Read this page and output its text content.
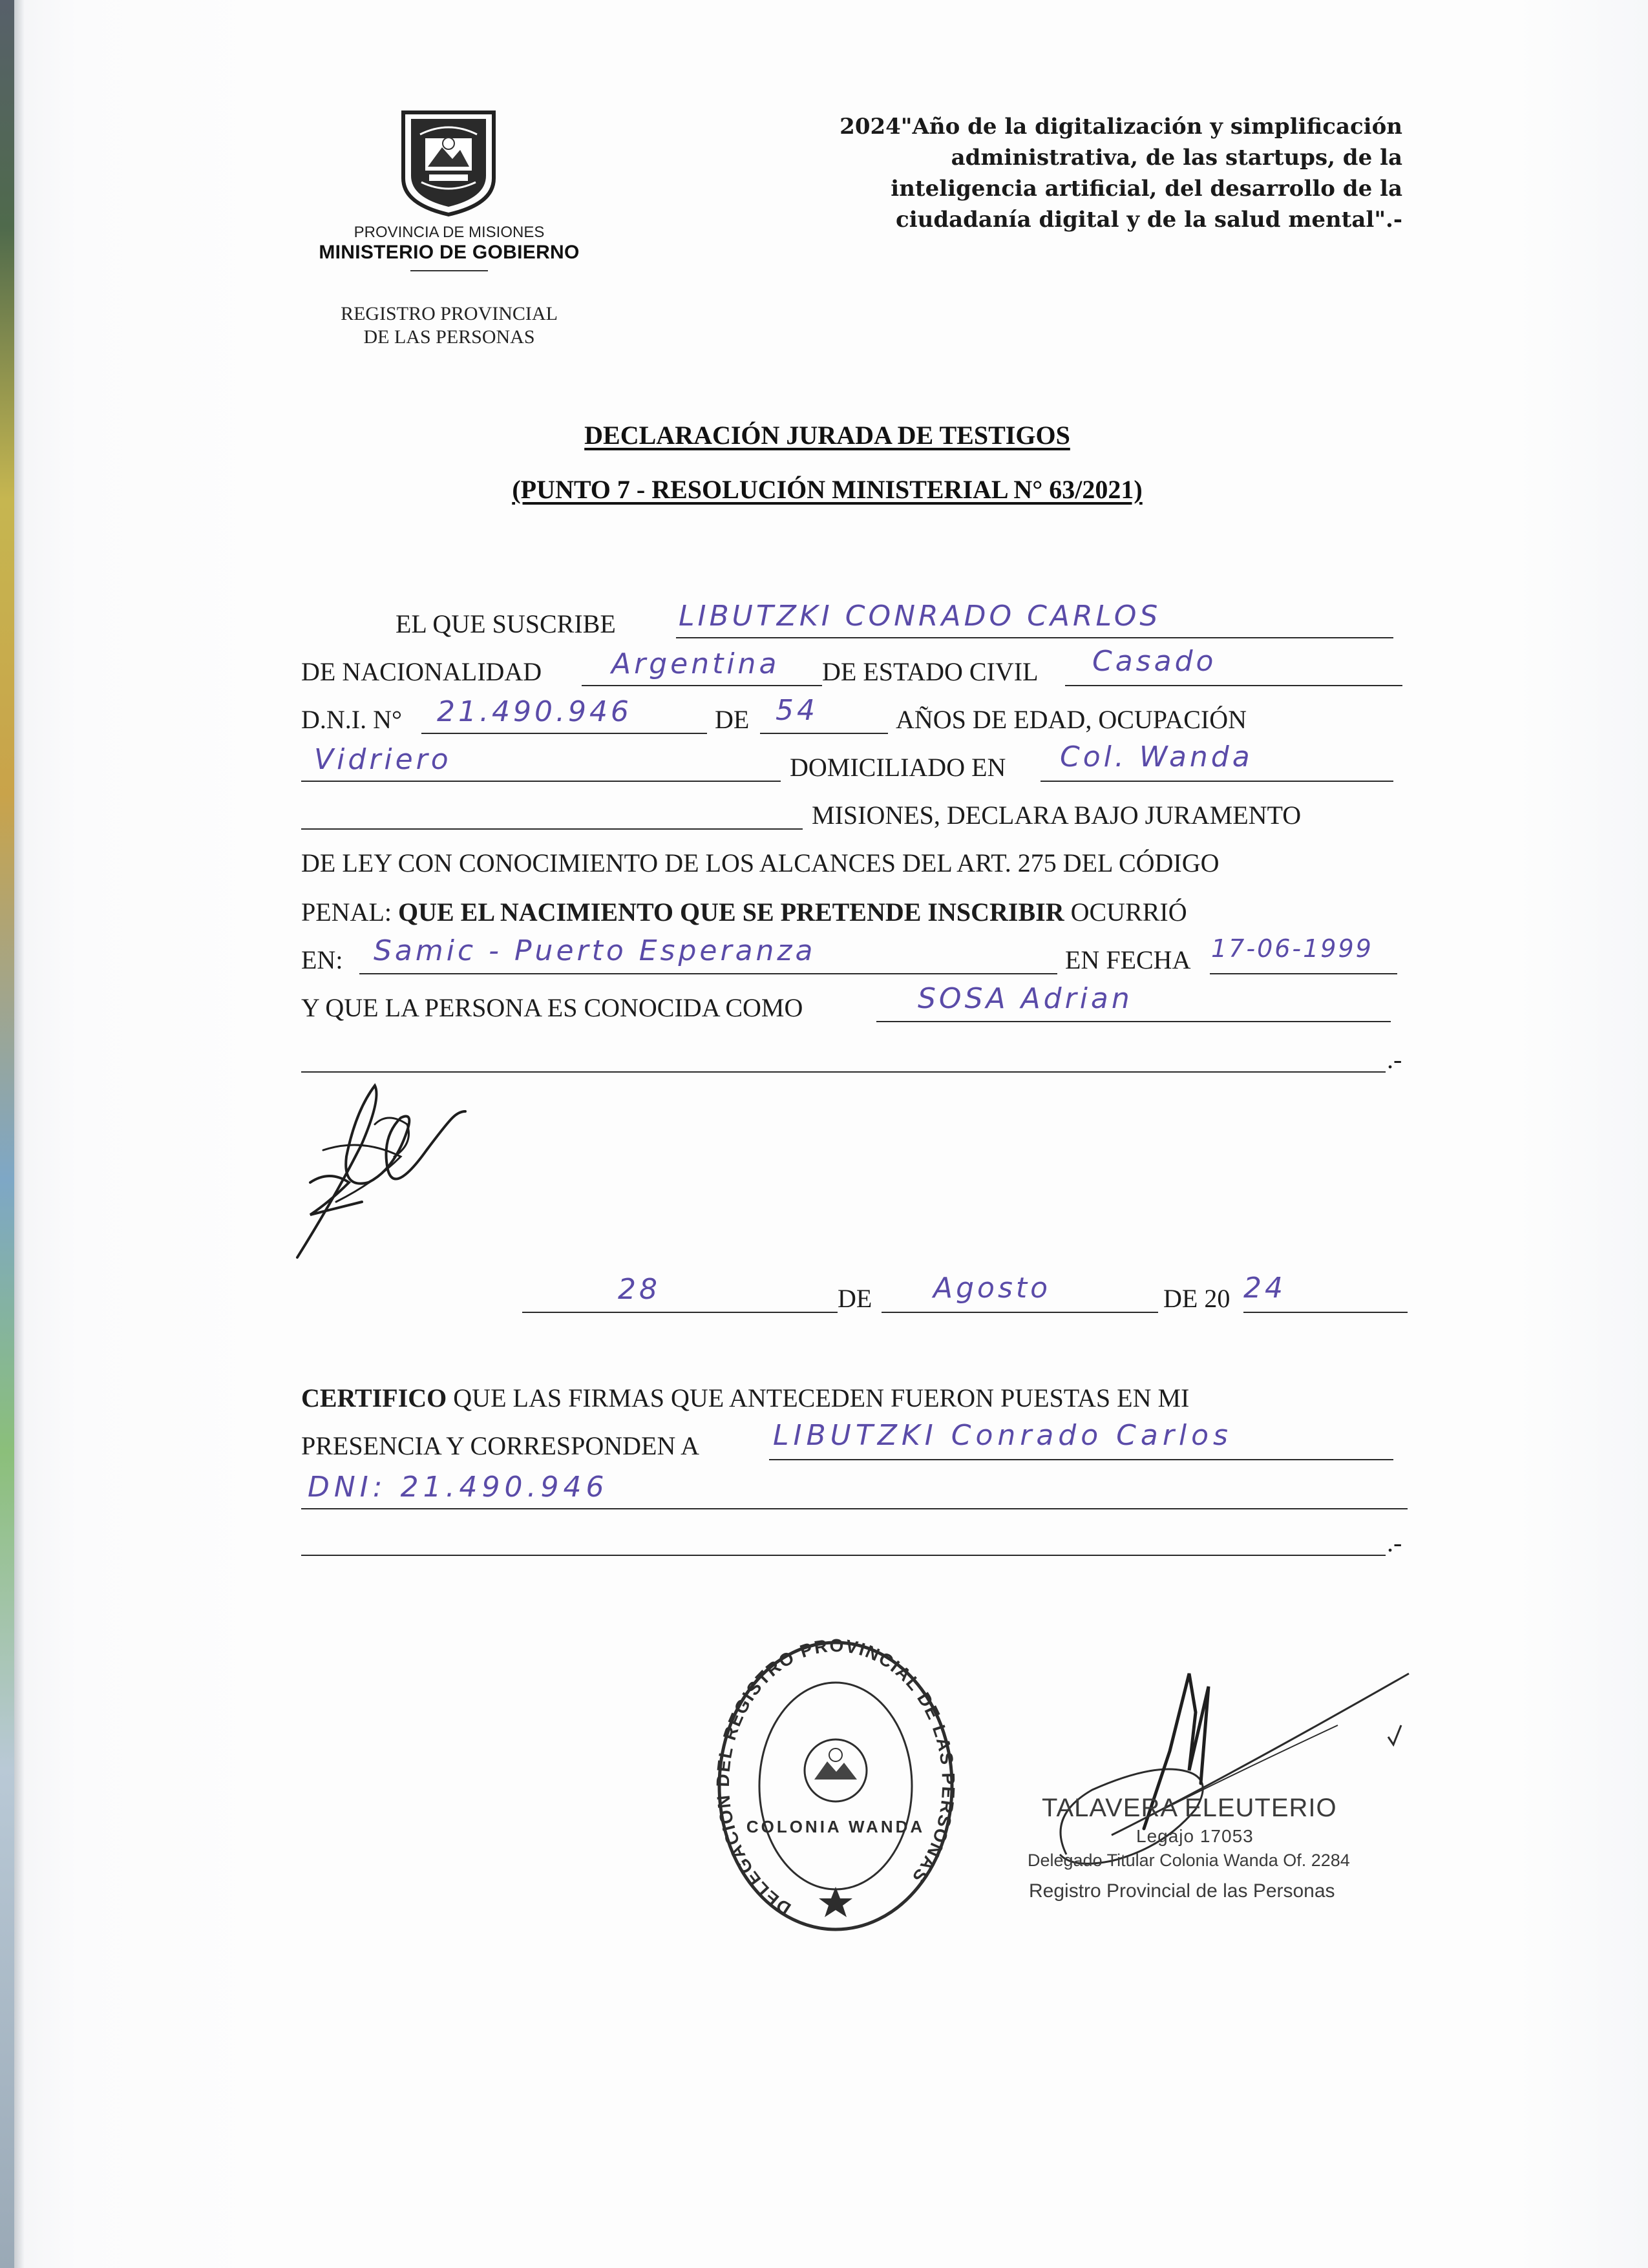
PROVINCIA DE MISIONES
MINISTERIO DE GOBIERNO
REGISTRO PROVINCIAL
DE LAS PERSONAS
2024"Año de la digitalización y simplificación
administrativa, de las startups, de la
inteligencia artificial, del desarrollo de la
ciudadanía digital y de la salud mental".-
DECLARACIÓN JURADA DE TESTIGOS
(PUNTO 7 - RESOLUCIÓN MINISTERIAL N° 63/2021)
EL QUE SUSCRIBE LIBUTZKI CONRADO CARLOS
DE NACIONALIDAD Argentina DE ESTADO CIVIL Casado
D.N.I. N° 21.490.946	DE 54	AÑOS DE EDAD, OCUPACIÓN
Vidriero	DOMICILIADO EN Col. Wanda
MISIONES, DECLARA BAJO JURAMENTO
DE LEY CON CONOCIMIENTO DE LOS ALCANCES DEL ART. 275 DEL CÓDIGO
PENAL: QUE EL NACIMIENTO QUE SE PRETENDE INSCRIBIR OCURRIÓ
EN: Samic - Puerto Esperanza	EN FECHA 17-06-1999
Y QUE LA PERSONA ES CONOCIDA COMO	SOSA Adrian
.-
28	DE Agosto	DE 20 24
CERTIFICO QUE LAS FIRMAS QUE ANTECEDEN FUERON PUESTAS EN MI
PRESENCIA Y CORRESPONDEN A	LIBUTZKI Conrado Carlos
DNI: 21.490.946
.-
DELEGACIO L REGISTRO PROVINCIAL DE LA SONAS
COLONIA WANDA
TALAVERA ELEUTERIO
Legajo 17053
Delegado Titular Colonia Wanda Of. 2284
Registro Provincial de las Personas
